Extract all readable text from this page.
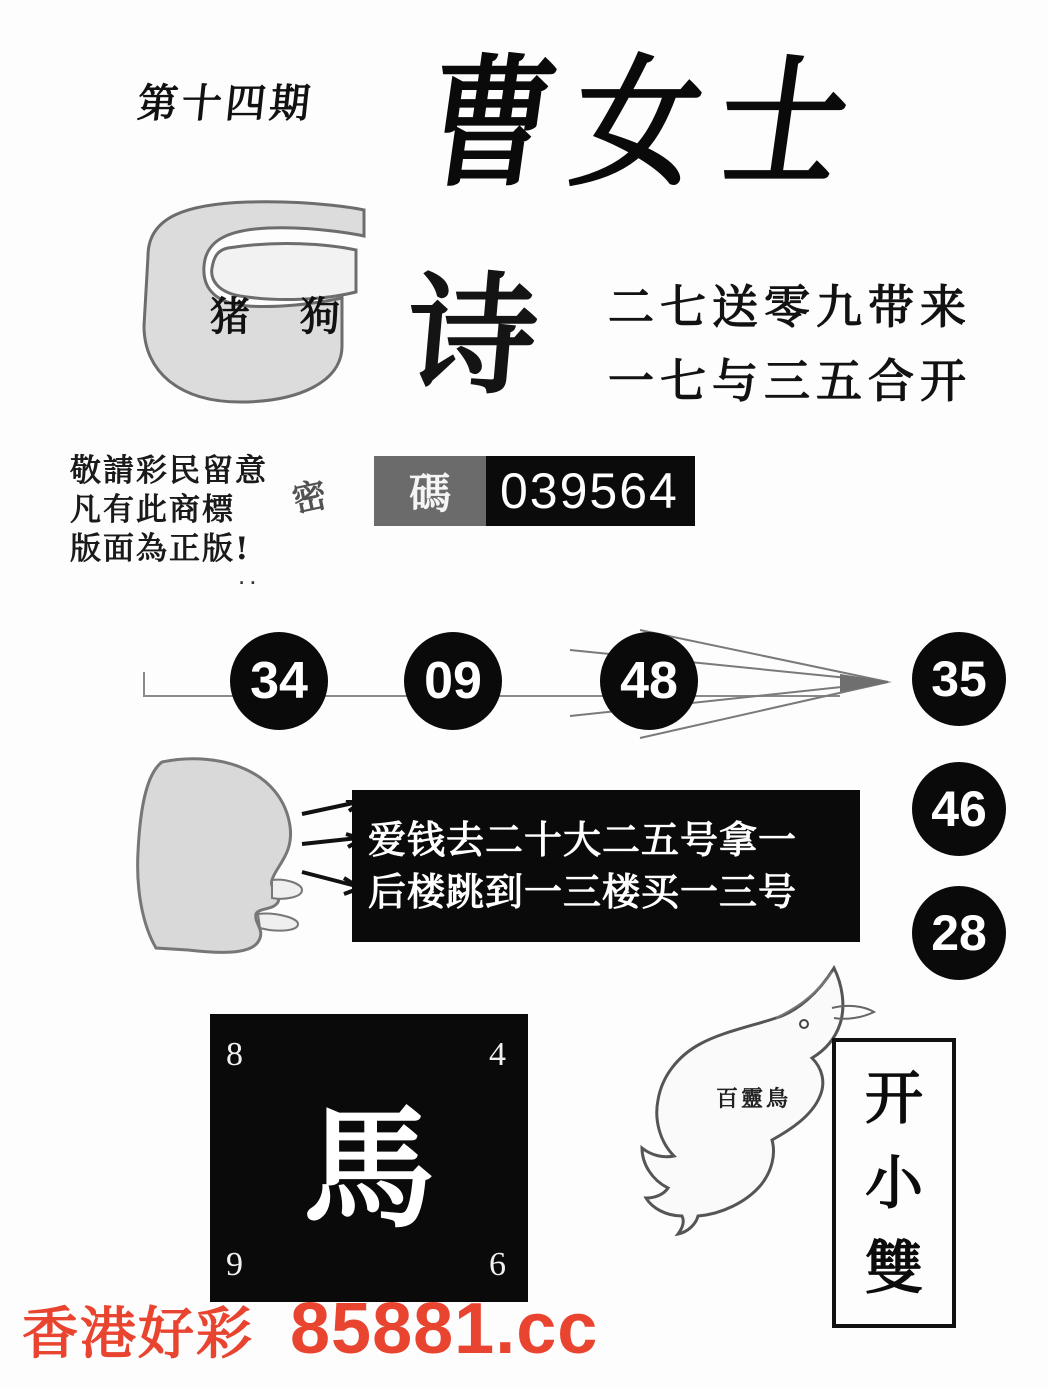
第十四期 曹女士
猪 狗 诗 二七送零九带来
一七与三五合开
敬請彩民留意
凡有此商標
版面為正版!
密
..
碼 039564
34	09	48	35
46
28
爱钱去二十大二五号拿一
后楼跳到一三楼买一三号
8	4
9	6
馬	百靈鳥 开
小
雙
香港好彩 85881.cc
